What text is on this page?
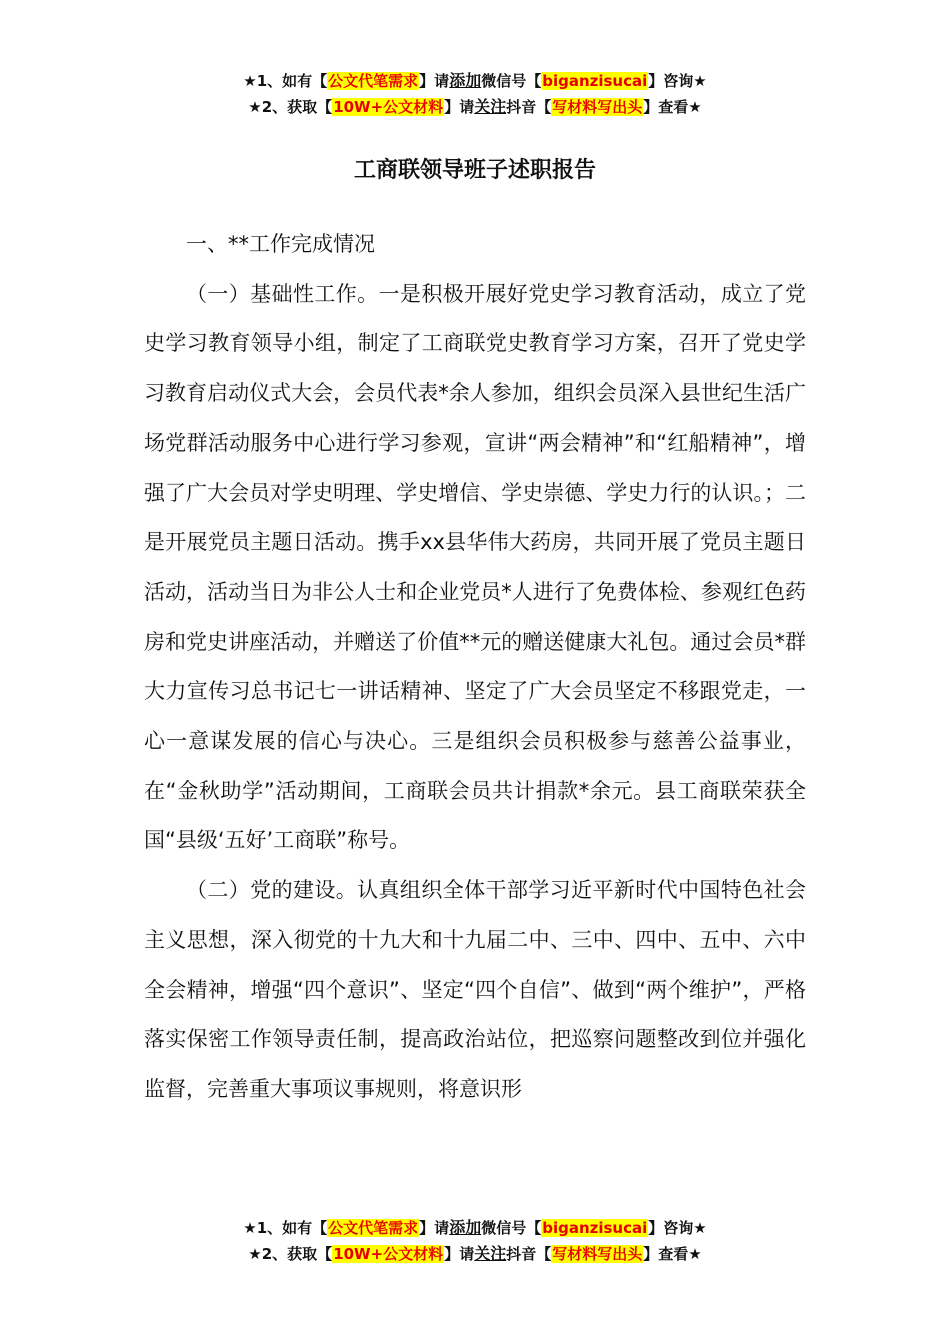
★1、如有【公文代笔需求】请添加微信号【biganzisucai】咨询★
★2、获取【10W+公文材料】请关注抖音【写材料写出头】查看★
工商联领导班子述职报告

一、**工作完成情况

（一）基础性工作。一是积极开展好党史学习教育活动，成立了党史学习教育领导小组，制定了工商联党史教育学习方案，召开了党史学习教育启动仪式大会，会员代表*余人参加，组织会员深入县世纪生活广场党群活动服务中心进行学习参观，宣讲“两会精神”和“红船精神”，增强了广大会员对学史明理、学史增信、学史崇德、学史力行的认识。；二是开展党员主题日活动。携手xx县华伟大药房，共同开展了党员主题日活动，活动当日为非公人士和企业党员*人进行了免费体检、参观红色药房和党史讲座活动，并赠送了价值**元的赠送健康大礼包。通过会员*群大力宣传习总书记七一讲话精神、坚定了广大会员坚定不移跟党走，一心一意谋发展的信心与决心。三是组织会员积极参与慈善公益事业，在“金秋助学”活动期间，工商联会员共计捐款*余元。县工商联荣获全国“县级‘五好’工商联”称号。

（二）党的建设。认真组织全体干部学习近平新时代中国特色社会主义思想，深入彻党的十九大和十九届二中、三中、四中、五中、六中全会精神，增强“四个意识”、坚定“四个自信”、做到“两个维护”，严格落实保密工作领导责任制，提高政治站位，把巡察问题整改到位并强化监督，完善重大事项议事规则，将意识形

★1、如有【公文代笔需求】请添加微信号【biganzisucai】咨询★
★2、获取【10W+公文材料】请关注抖音【写材料写出头】查看★
